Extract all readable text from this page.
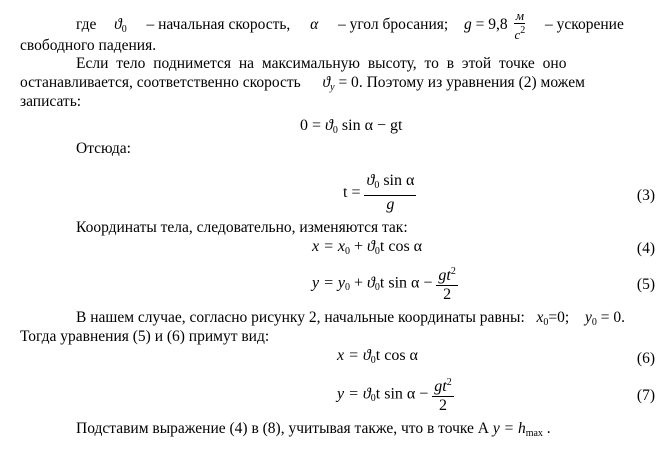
где $ϑ_0$ – начальная скорость, α – угол бросания; $g = 9,8 \frac{м}{с^2}$ – ускорение
свободного падения.
Если тело поднимется на максимальную высоту, то в этой точке оно
останавливается, соответственно скорость $ϑ_y = 0$. Поэтому из уравнения (2) можем
записать:
$0 = ϑ_0$ sin α − gt
Отсюда:
$t = \frac{ϑ_0 \sin \alpha}{g}$	(3)
Координаты тела, следовательно, изменяются так:
$x = x_0 + ϑ_0t$ cos α	(4)
$y = y_0 + ϑ_0t$ $\sin \alpha - \frac{gt^2}{2}$	(5)
В нашем случае, согласно рисунку 2, начальные координаты равны: $x_0=0$; $y_0 = 0$.
Тогда уравнения (5) и (6) примут вид:
$x = ϑ_0t$ cos α	(6)
$y = ϑ_0t$ $\sin \alpha - \frac{gt^2}{2}$	(7)
Подставим выражение (4) в (8), учитывая также, что в точке А $y = h_{max}$ .
